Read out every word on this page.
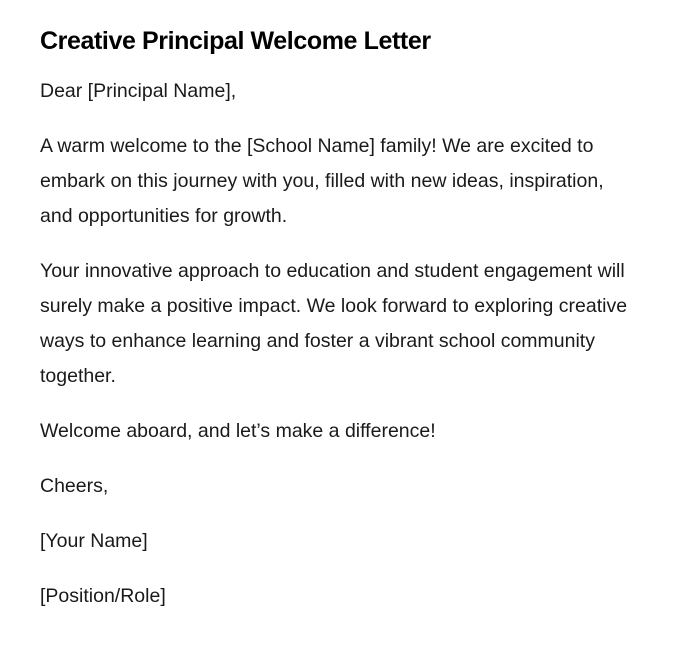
Creative Principal Welcome Letter

Dear [Principal Name],

A warm welcome to the [School Name] family! We are excited to embark on this journey with you, filled with new ideas, inspiration, and opportunities for growth.

Your innovative approach to education and student engagement will surely make a positive impact. We look forward to exploring creative ways to enhance learning and foster a vibrant school community together.

Welcome aboard, and let’s make a difference!

Cheers,

[Your Name]

[Position/Role]
